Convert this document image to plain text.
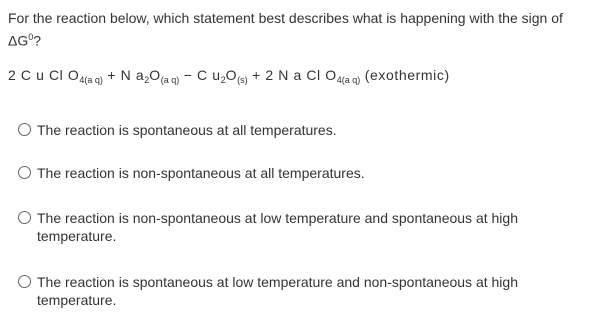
For the reaction below, which statement best describes what is happening with the sign of $\Delta G^0$?
2 C u Cl $O_{4(a q)} + N$ $a_2O_{(a q)} - C$ $u_2O_{(s)} + 2$ N a Cl $O_{4(a q)}$ (exothermic)
The reaction is spontaneous at all temperatures.
The reaction is non-spontaneous at all temperatures.
The reaction is non-spontaneous at low temperature and spontaneous at high temperature.
The reaction is spontaneous at low temperature and non-spontaneous at high temperature.
